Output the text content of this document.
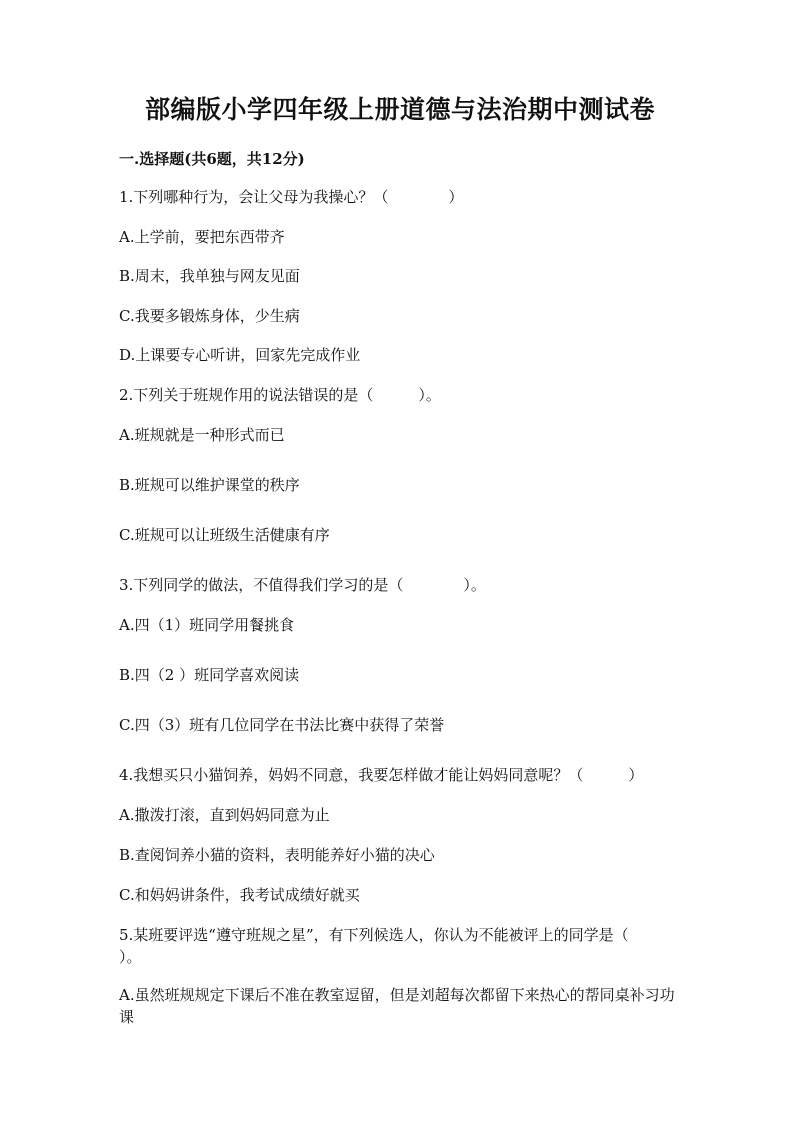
部编版小学四年级上册道德与法治期中测试卷
一.选择题(共6题，共12分)
1.下列哪种行为，会让父母为我操心？（　　　　）
A.上学前，要把东西带齐
B.周末，我单独与网友见面
C.我要多锻炼身体，少生病
D.上课要专心听讲，回家先完成作业
2.下列关于班规作用的说法错误的是（　　　）。
A.班规就是一种形式而已
B.班规可以维护课堂的秩序
C.班规可以让班级生活健康有序
3.下列同学的做法，不值得我们学习的是（　　　　）。
A.四（1）班同学用餐挑食
B.四（2 ）班同学喜欢阅读
C.四（3）班有几位同学在书法比赛中获得了荣誉
4.我想买只小猫饲养，妈妈不同意，我要怎样做才能让妈妈同意呢？（　　　）
A.撒泼打滚，直到妈妈同意为止
B.查阅饲养小猫的资料，表明能养好小猫的决心
C.和妈妈讲条件，我考试成绩好就买
5.某班要评选“遵守班规之星”，有下列候选人，你认为不能被评上的同学是（　　　）。
A.虽然班规规定下课后不准在教室逗留，但是刘超每次都留下来热心的帮同桌补习功课
